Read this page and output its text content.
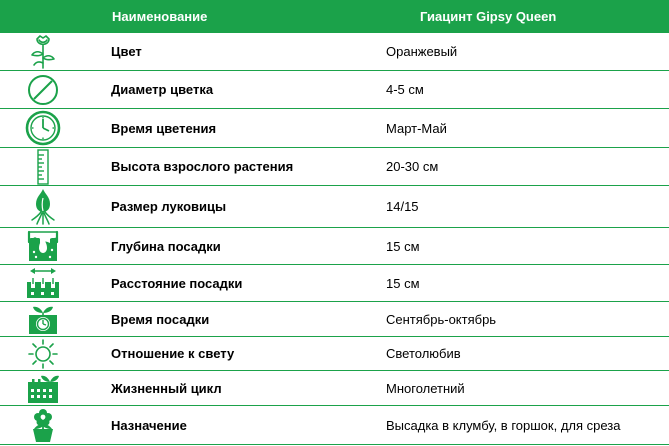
Наименование	Гиацинт Gipsy Queen
Цвет	Оранжевый
Диаметр цветка	4-5 см
Время цветения	Март-Май
Высота взрослого растения	20-30 см
Размер луковицы	14/15
Глубина посадки	15 см
Расстояние посадки	15 см
Время посадки	Сентябрь-октябрь
Отношение к свету	Светолюбив
Жизненный цикл	Многолетний
Назначение	Высадка в клумбу, в горшок, для среза
